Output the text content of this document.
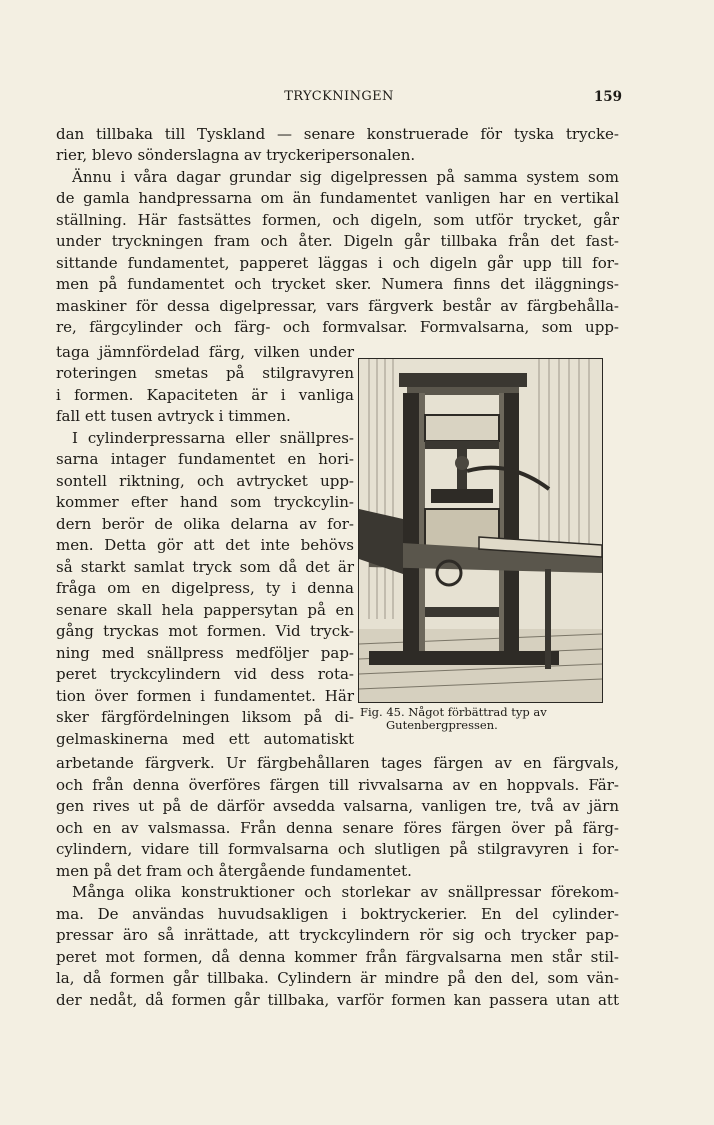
TRYCKNINGEN	159
dan tillbaka till Tyskland — senare konstruerade för tyska trycke-
rier, blevo sönderslagna av tryckeripersonalen.
Ännu i våra dagar grundar sig digelpressen på samma system som
de gamla handpressarna om än fundamentet vanligen har en vertikal
ställning. Här fastsättes formen, och digeln, som utför trycket, går
under tryckningen fram och åter. Digeln går tillbaka från det fast-
sittande fundamentet, papperet läggas i och digeln går upp till for-
men på fundamentet och trycket sker. Numera finns det iläggnings-
maskiner för dessa digelpressar, vars färgverk består av färgbehålla-
re, färgcylinder och färg- och formvalsar. Formvalsarna, som upp-
taga jämnfördelad färg, vilken under
roteringen smetas på stilgravyren
i formen. Kapaciteten är i vanliga
fall ett tusen avtryck i timmen.
I cylinderpressarna eller snällpres-
sarna intager fundamentet en hori-
sontell riktning, och avtrycket upp-
kommer efter hand som tryckcylin-
dern berör de olika delarna av for-
men. Detta gör att det inte behövs
så starkt samlat tryck som då det är
fråga om en digelpress, ty i denna
senare skall hela pappersytan på en
gång tryckas mot formen. Vid tryck-
ning med snällpress medföljer pap-
peret tryckcylindern vid dess rota-
tion över formen i fundamentet. Här
sker färgfördelningen liksom på di-
gelmaskinerna med ett automatiskt
arbetande färgverk. Ur färgbehållaren tages färgen av en färgvals,
och från denna överföres färgen till rivvalsarna av en hoppvals. Fär-
gen rives ut på de därför avsedda valsarna, vanligen tre, två av järn
och en av valsmassa. Från denna senare föres färgen över på färg-
cylindern, vidare till formvalsarna och slutligen på stilgravyren i for-
men på det fram och återgående fundamentet.
Många olika konstruktioner och storlekar av snällpressar förekom-
ma. De användas huvudsakligen i boktryckerier. En del cylinder-
pressar äro så inrättade, att tryckcylindern rör sig och trycker pap-
peret mot formen, då denna kommer från färgvalsarna men står stil-
la, då formen går tillbaka. Cylindern är mindre på den del, som vän-
der nedåt, då formen går tillbaka, varför formen kan passera utan att
Fig. 45. Något förbättrad typ av
Gutenbergpressen.
